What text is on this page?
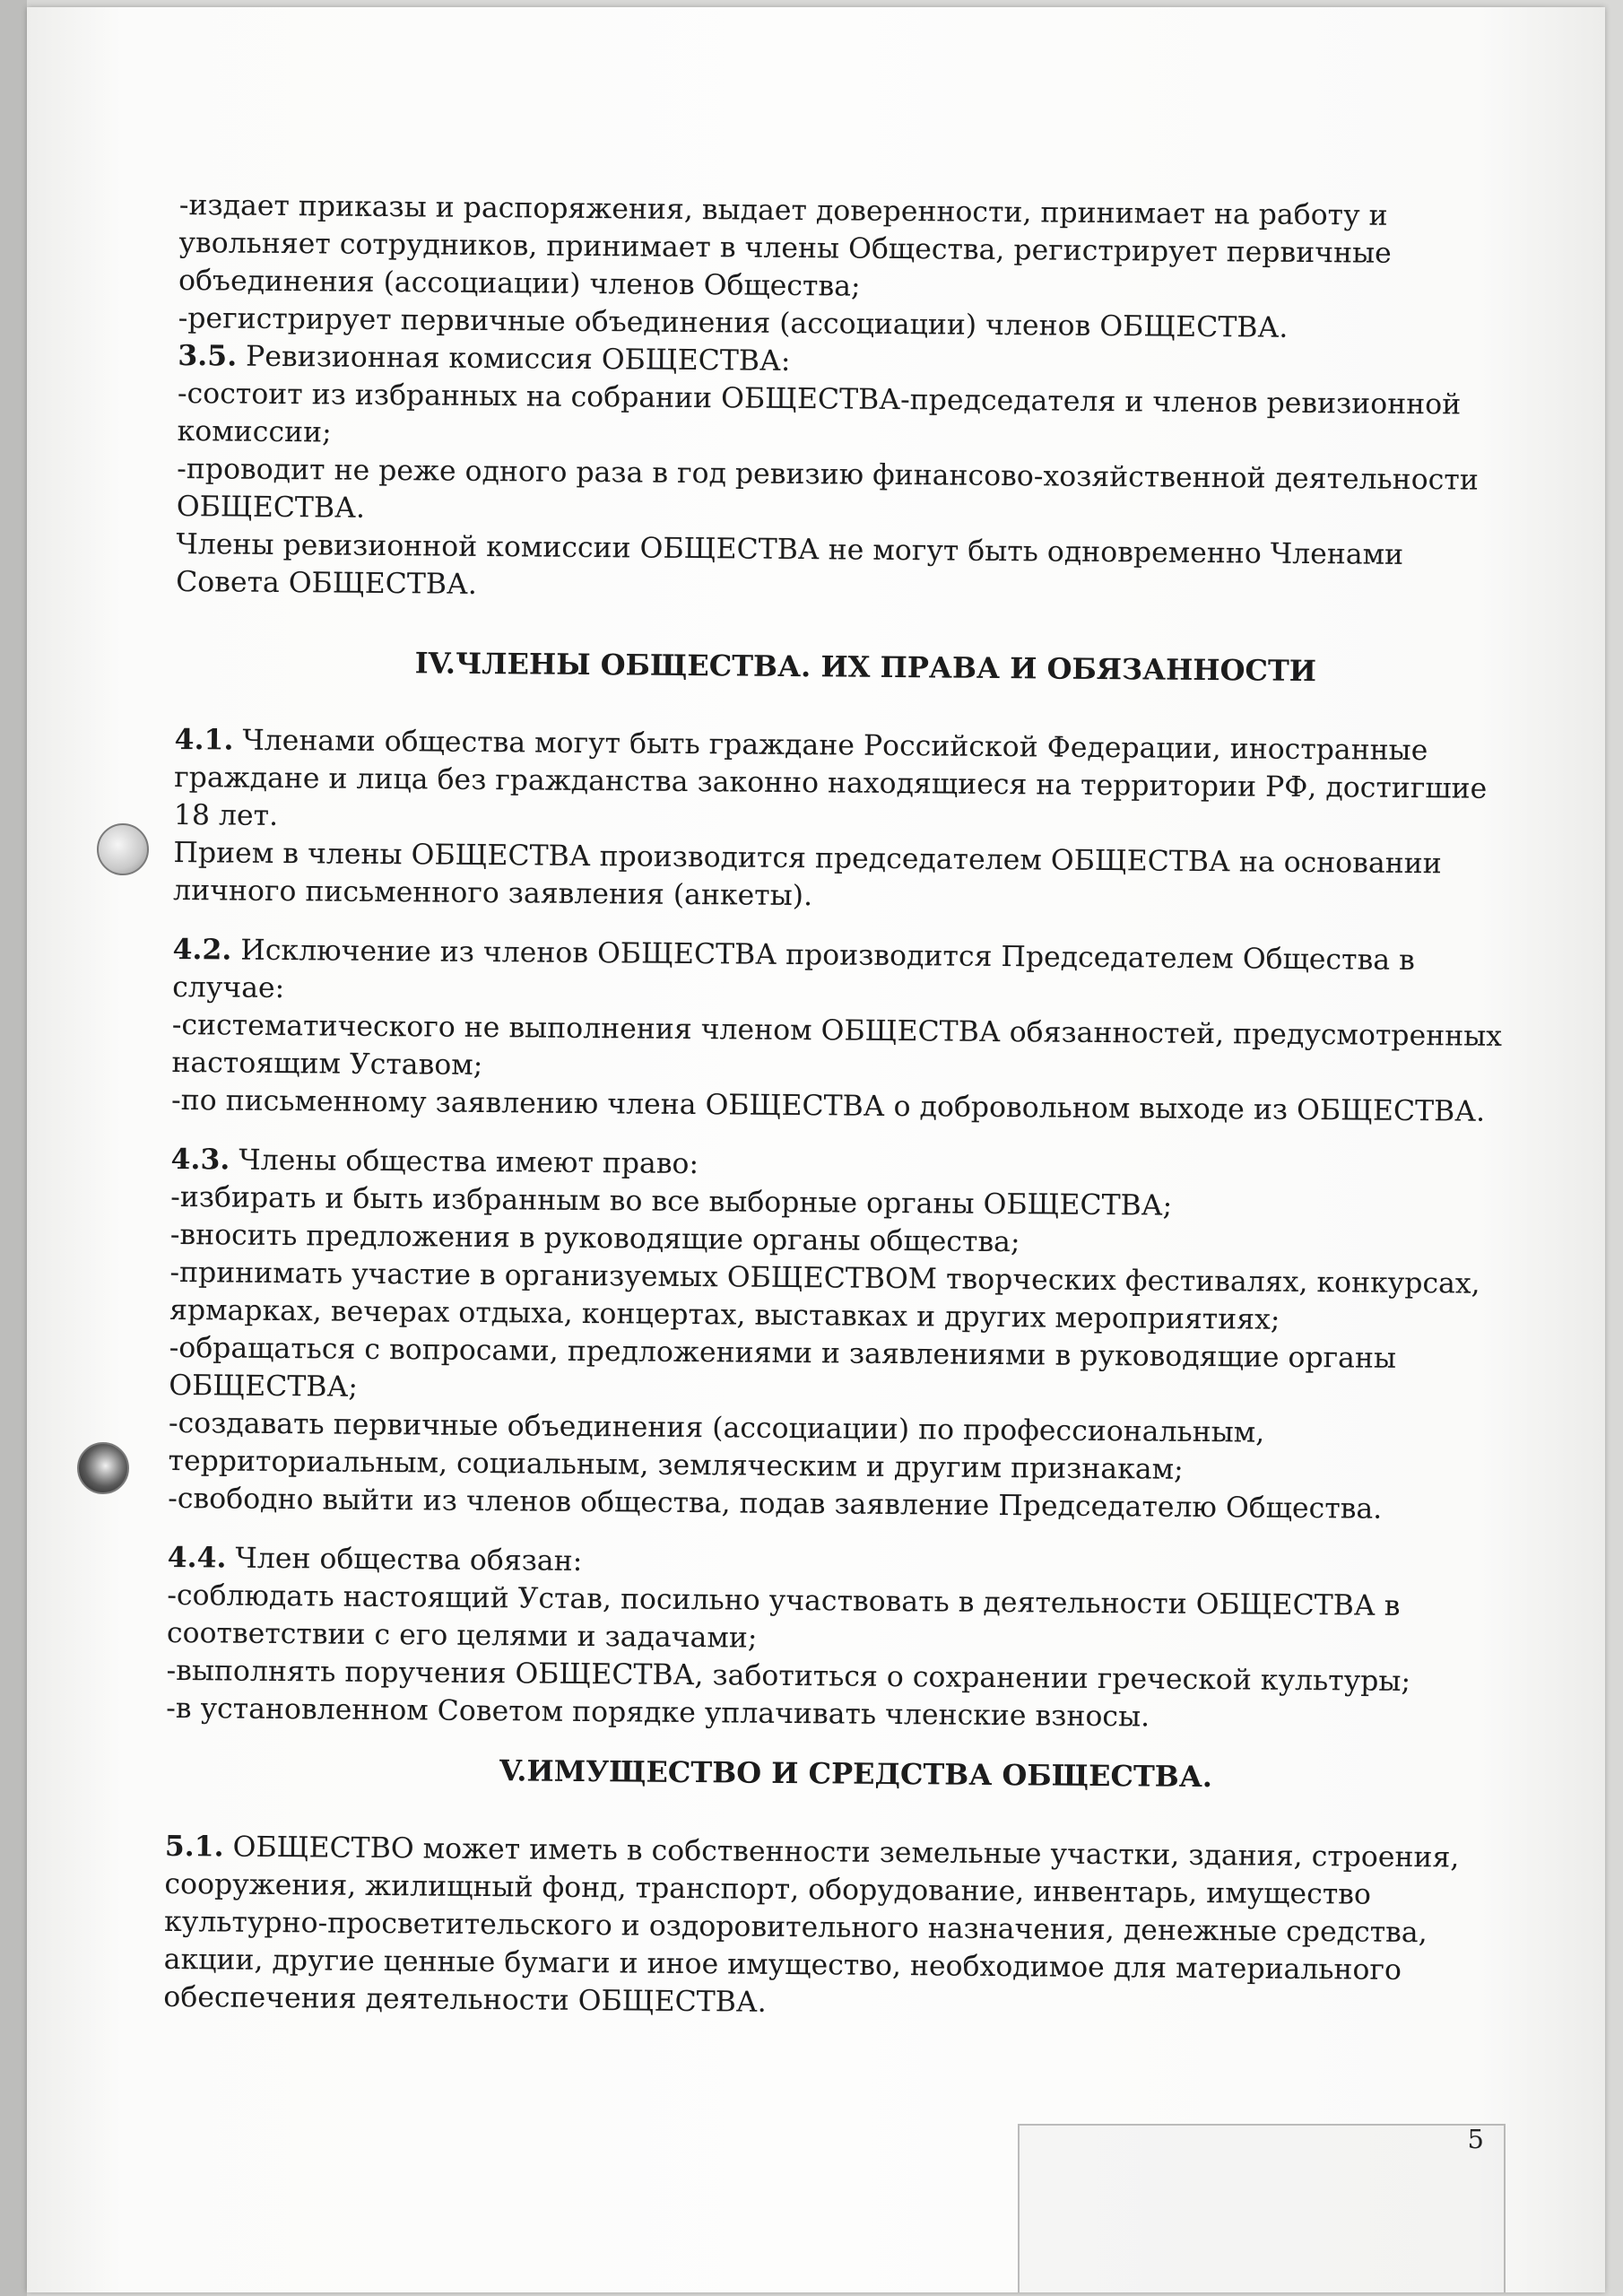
-издает приказы и распоряжения, выдает доверенности, принимает на работу и
увольняет сотрудников, принимает в члены Общества, регистрирует первичные
объединения (ассоциации) членов Общества;
-регистрирует первичные объединения (ассоциации) членов ОБЩЕСТВА.
3.5. Ревизионная комиссия ОБЩЕСТВА:
-состоит из избранных на собрании ОБЩЕСТВА-председателя и членов ревизионной
комиссии;
-проводит не реже одного раза в год ревизию финансово-хозяйственной деятельности
ОБЩЕСТВА.
Члены ревизионной комиссии ОБЩЕСТВА не могут быть одновременно Членами
Совета ОБЩЕСТВА.

IV.ЧЛЕНЫ ОБЩЕСТВА. ИХ ПРАВА И ОБЯЗАННОСТИ

4.1. Членами общества могут быть граждане Российской Федерации, иностранные
граждане и лица без гражданства законно находящиеся на территории РФ, достигшие
18 лет.
Прием в члены ОБЩЕСТВА производится председателем ОБЩЕСТВА на основании
личного письменного заявления (анкеты).
4.2. Исключение из членов ОБЩЕСТВА производится Председателем Общества в
случае:
-систематического не выполнения членом ОБЩЕСТВА обязанностей, предусмотренных
настоящим Уставом;
-по письменному заявлению члена ОБЩЕСТВА о добровольном выходе из ОБЩЕСТВА.
4.3. Члены общества имеют право:
-избирать и быть избранным во все выборные органы ОБЩЕСТВА;
-вносить предложения в руководящие органы общества;
-принимать участие в организуемых ОБЩЕСТВОМ творческих фестивалях, конкурсах,
ярмарках, вечерах отдыха, концертах, выставках и других мероприятиях;
-обращаться с вопросами, предложениями и заявлениями в руководящие органы
ОБЩЕСТВА;
-создавать первичные объединения (ассоциации) по профессиональным,
территориальным, социальным, земляческим и другим признакам;
-свободно выйти из членов общества, подав заявление Председателю Общества.
4.4. Член общества обязан:
-соблюдать настоящий Устав, посильно участвовать в деятельности ОБЩЕСТВА в
соответствии с его целями и задачами;
-выполнять поручения ОБЩЕСТВА, заботиться о сохранении греческой культуры;
-в установленном Советом порядке уплачивать членские взносы.

V.ИМУЩЕСТВО И СРЕДСТВА ОБЩЕСТВА.

5.1. ОБЩЕСТВО может иметь в собственности земельные участки, здания, строения,
сооружения, жилищный фонд, транспорт, оборудование, инвентарь, имущество
культурно-просветительского и оздоровительного назначения, денежные средства,
акции, другие ценные бумаги и иное имущество, необходимое для материального
обеспечения деятельности ОБЩЕСТВА.
5
